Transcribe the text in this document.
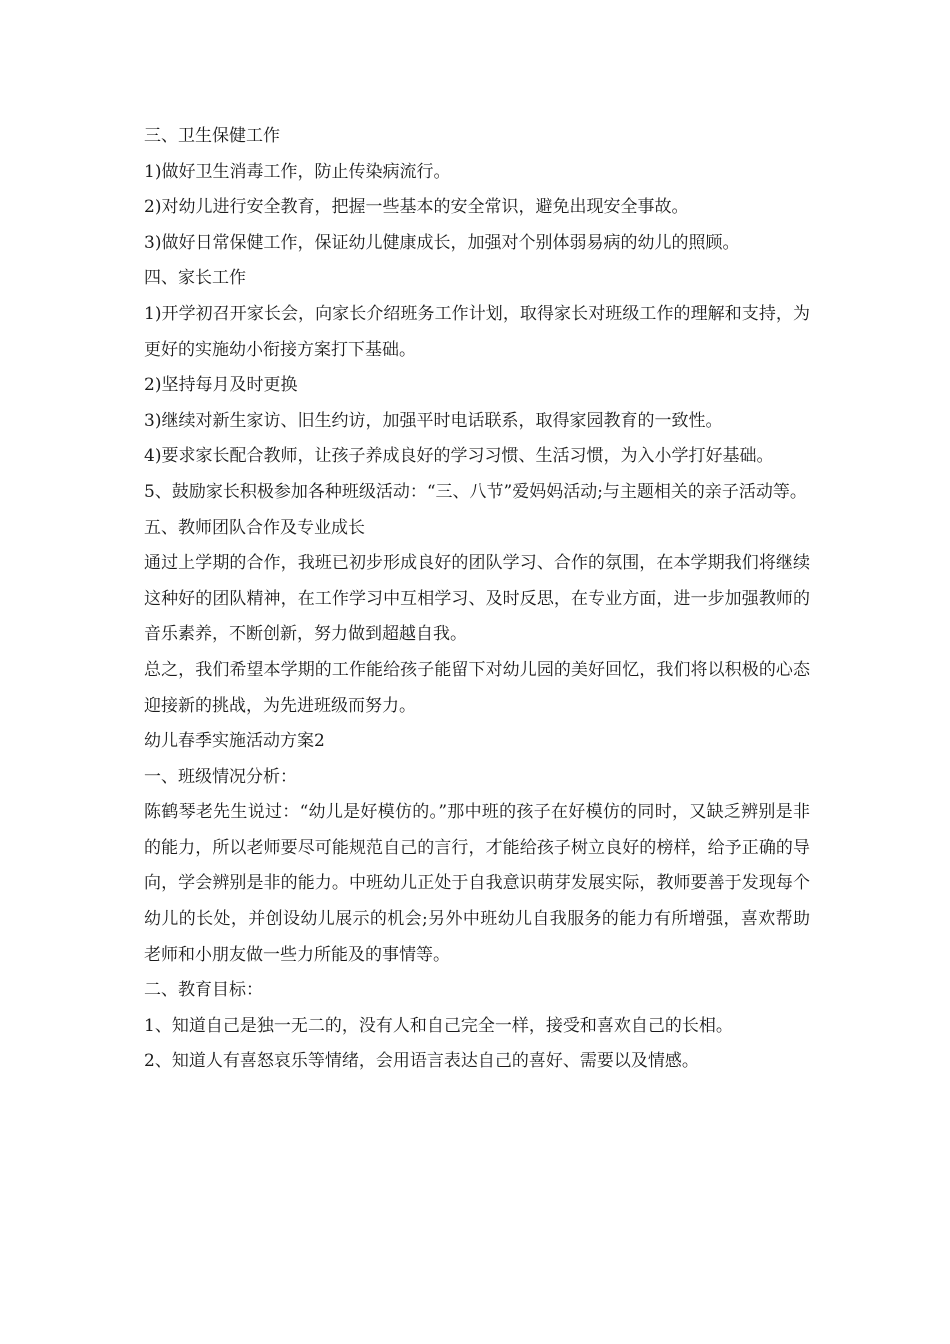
三、卫生保健工作

1)做好卫生消毒工作，防止传染病流行。

2)对幼儿进行安全教育，把握一些基本的安全常识，避免出现安全事故。

3)做好日常保健工作，保证幼儿健康成长，加强对个别体弱易病的幼儿的照顾。

四、家长工作

1)开学初召开家长会，向家长介绍班务工作计划，取得家长对班级工作的理解和支持，为更好的实施幼小衔接方案打下基础。

2)坚持每月及时更换

3)继续对新生家访、旧生约访，加强平时电话联系，取得家园教育的一致性。

4)要求家长配合教师，让孩子养成良好的学习习惯、生活习惯，为入小学打好基础。

5、鼓励家长积极参加各种班级活动：“三、八节”爱妈妈活动;与主题相关的亲子活动等。

五、教师团队合作及专业成长

通过上学期的合作，我班已初步形成良好的团队学习、合作的氛围，在本学期我们将继续这种好的团队精神，在工作学习中互相学习、及时反思，在专业方面，进一步加强教师的音乐素养，不断创新，努力做到超越自我。

总之，我们希望本学期的工作能给孩子能留下对幼儿园的美好回忆，我们将以积极的心态迎接新的挑战，为先进班级而努力。

幼儿春季实施活动方案2

一、班级情况分析：

陈鹤琴老先生说过：“幼儿是好模仿的。”那中班的孩子在好模仿的同时，又缺乏辨别是非的能力，所以老师要尽可能规范自己的言行，才能给孩子树立良好的榜样，给予正确的导向，学会辨别是非的能力。中班幼儿正处于自我意识萌芽发展实际，教师要善于发现每个幼儿的长处，并创设幼儿展示的机会;另外中班幼儿自我服务的能力有所增强，喜欢帮助老师和小朋友做一些力所能及的事情等。

二、教育目标：

1、知道自己是独一无二的，没有人和自己完全一样，接受和喜欢自己的长相。

2、知道人有喜怒哀乐等情绪，会用语言表达自己的喜好、需要以及情感。
